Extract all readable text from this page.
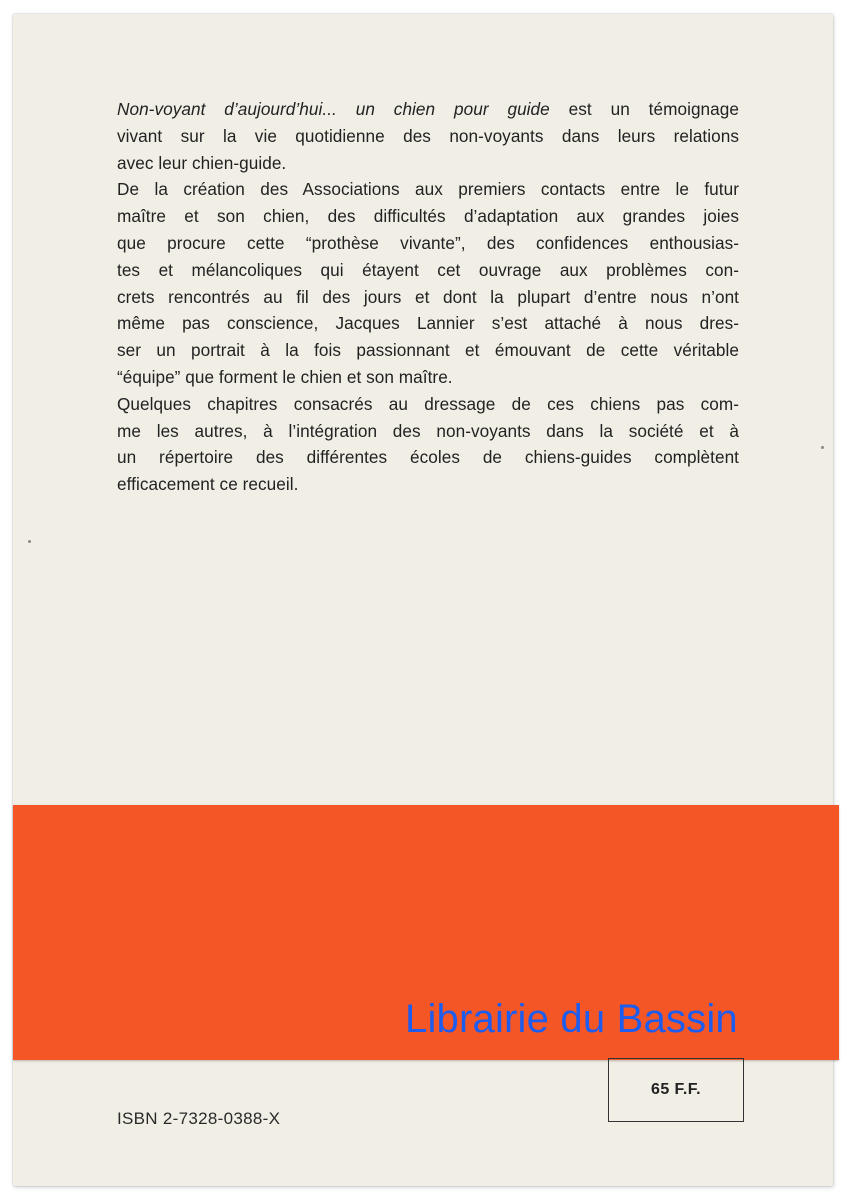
Non-voyant d’aujourd’hui... un chien pour guide est un témoignage
vivant sur la vie quotidienne des non-voyants dans leurs relations
avec leur chien-guide.
De la création des Associations aux premiers contacts entre le futur
maître et son chien, des difficultés d’adaptation aux grandes joies
que procure cette “prothèse vivante”, des confidences enthousias-
tes et mélancoliques qui étayent cet ouvrage aux problèmes con-
crets rencontrés au fil des jours et dont la plupart d’entre nous n’ont
même pas conscience, Jacques Lannier s’est attaché à nous dres-
ser un portrait à la fois passionnant et émouvant de cette véritable
“équipe” que forment le chien et son maître.
Quelques chapitres consacrés au dressage de ces chiens pas com-
me les autres, à l’intégration des non-voyants dans la société et à
un répertoire des différentes écoles de chiens-guides complètent
efficacement ce recueil.
Librairie du Bassin
65 F.F.
ISBN 2-7328-0388-X
